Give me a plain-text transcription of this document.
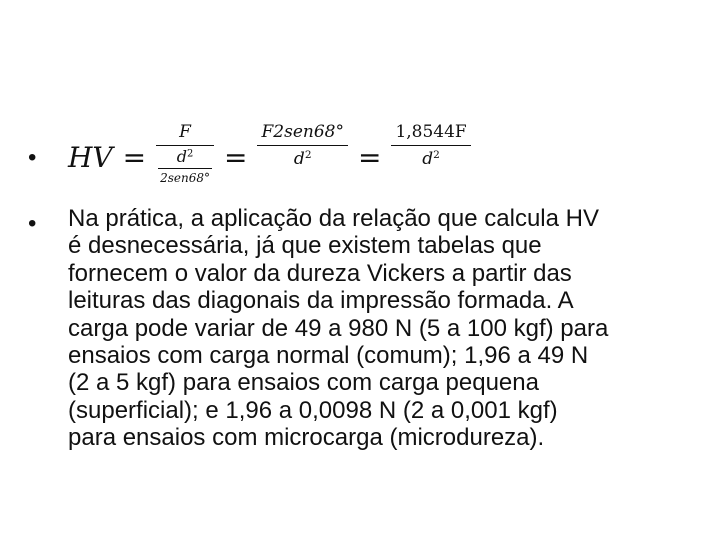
• HV = $\frac{F}{\frac{d^2}{\text{2sen68°}}} = \frac{\text{F2sen68°}}{d^2} = \frac{1,8544F}{d^2}$
• Na prática, a aplicação da relação que calcula HV
é desnecessária, já que existem tabelas que
fornecem o valor da dureza Vickers a partir das
leituras das diagonais da impressão formada. A
carga pode variar de 49 a 980 N (5 a 100 kgf) para
ensaios com carga normal (comum); 1,96 a 49 N
(2 a 5 kgf) para ensaios com carga pequena
(superficial); e 1,96 a 0,0098 N (2 a 0,001 kgf)
para ensaios com microcarga (microdureza).
